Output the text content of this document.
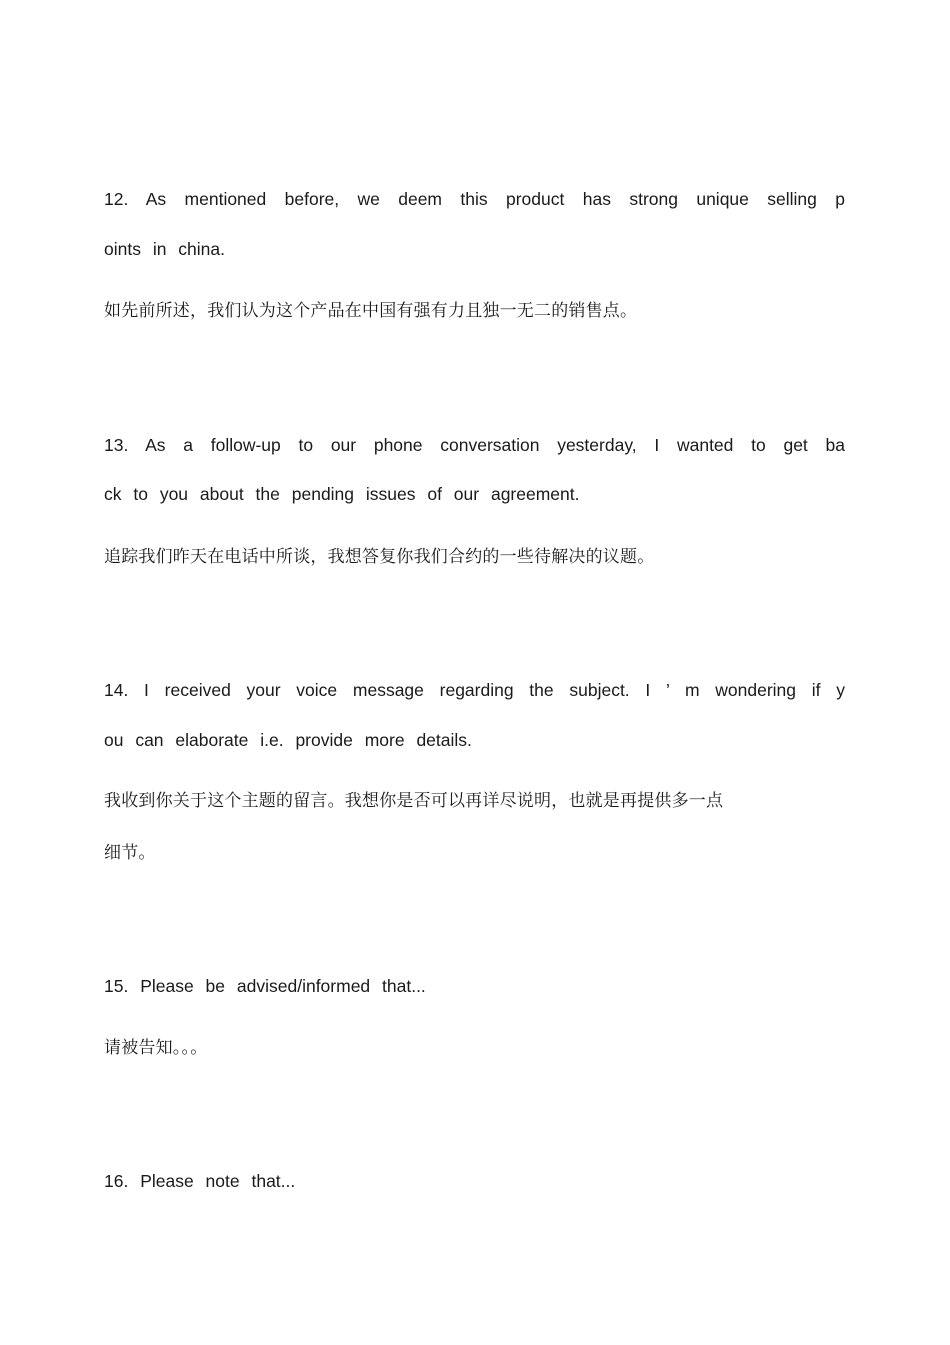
12. As mentioned before, we deem this product has strong unique selling p
oints in china.
如先前所述，我们认为这个产品在中国有强有力且独一无二的销售点。
13. As a follow-up to our phone conversation yesterday, I wanted to get ba
ck to you about the pending issues of our agreement.
追踪我们昨天在电话中所谈，我想答复你我们合约的一些待解决的议题。
14. I received your voice message regarding the subject. I ’ m wondering if y
ou can elaborate i.e. provide more details.
我收到你关于这个主题的留言。我想你是否可以再详尽说明，也就是再提供多一点
细节。
15. Please be advised/informed that...
请被告知。。。
16. Please note that...
